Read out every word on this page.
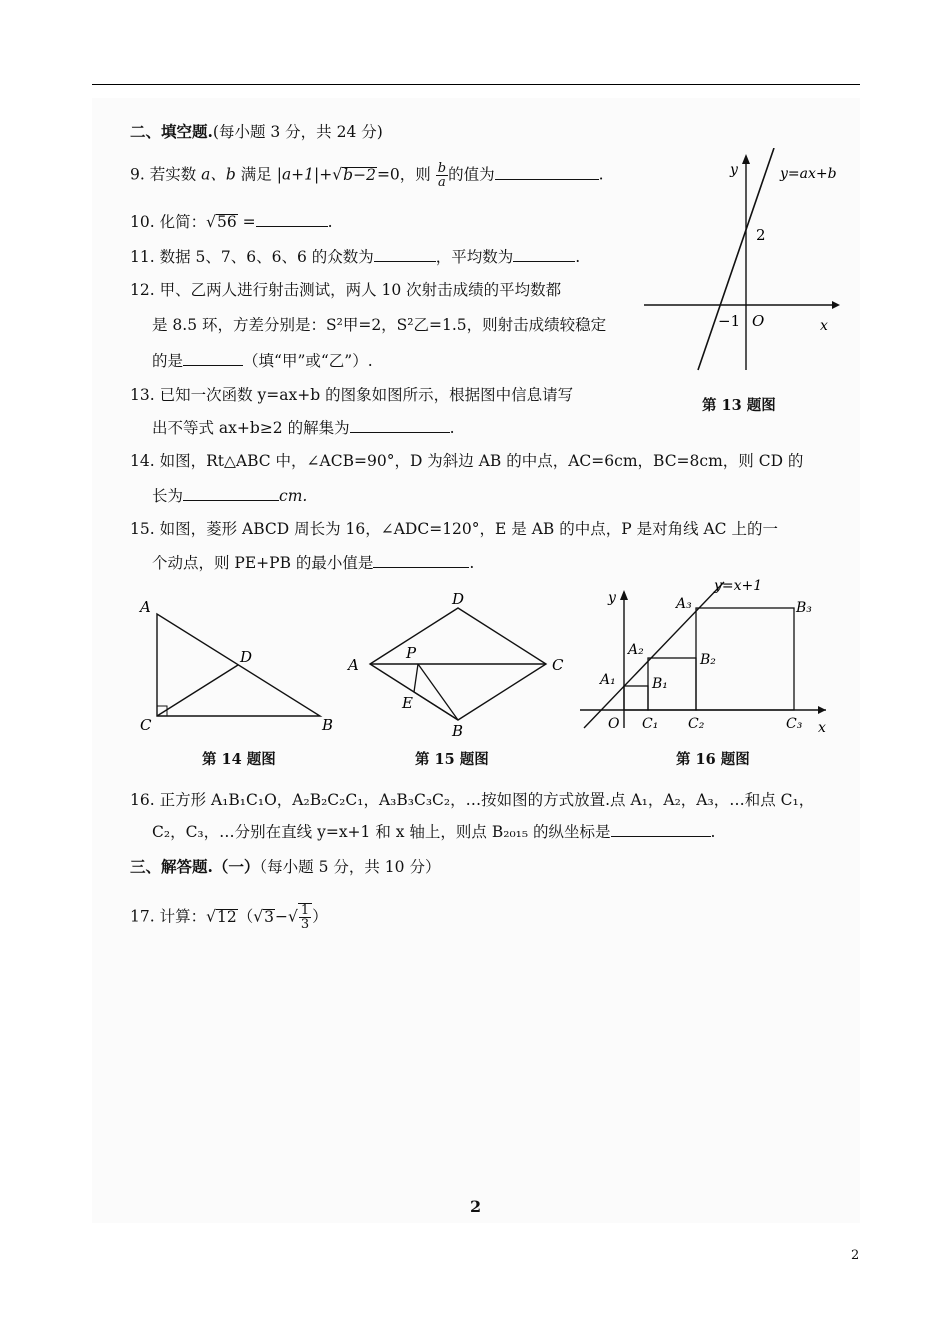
二、填空题.(每小题 3 分，共 24 分)
9. 若实数 a、b 满足 |a+1|+√b−2=0，则 $\frac{b}{a}$ 的值为	.
10. 化简：√56 =	.
11. 数据 5、7、6、6、6 的众数为	，平均数为	.
12. 甲、乙两人进行射击测试，两人 10 次射击成绩的平均数都
是 8.5 环，方差分别是：S²甲=2，S²乙=1.5，则射击成绩较稳定
的是	（填“甲”或“乙”）.
13. 已知一次函数 y=ax+b 的图象如图所示，根据图中信息请写
出不等式 ax+b≥2 的解集为	.
y	y=ax+b
2
−1 O	x
第 13 题图
14. 如图，Rt△ABC 中，∠ACB=90°，D 为斜边 AB 的中点，AC=6cm，BC=8cm，则 CD 的
长为	cm.
15. 如图，菱形 ABCD 周长为 16，∠ADC=120°，E 是 AB 的中点，P 是对角线 AC 上的一
个动点，则 PE+PB 的最小值是	.
A
C	B
D
第 14 题图
D
A	C
B
P
E
第 15 题图
y
y=x+1
O	x
A₁
A₂
A₃
B₁
B₂
B₃
C₁ C₂	C₃
第 16 题图
16. 正方形 A₁B₁C₁O，A₂B₂C₂C₁，A₃B₃C₃C₂，…按如图的方式放置.点 A₁，A₂，A₃，…和点 C₁，
C₂，C₃，…分别在直线 y=x+1 和 x 轴上，则点 B₂₀₁₅ 的纵坐标是	.
三、解答题.（一）（每小题 5 分，共 10 分）
17. 计算：$√12(√3-√ \frac{1}{3}$ ）
2
2
